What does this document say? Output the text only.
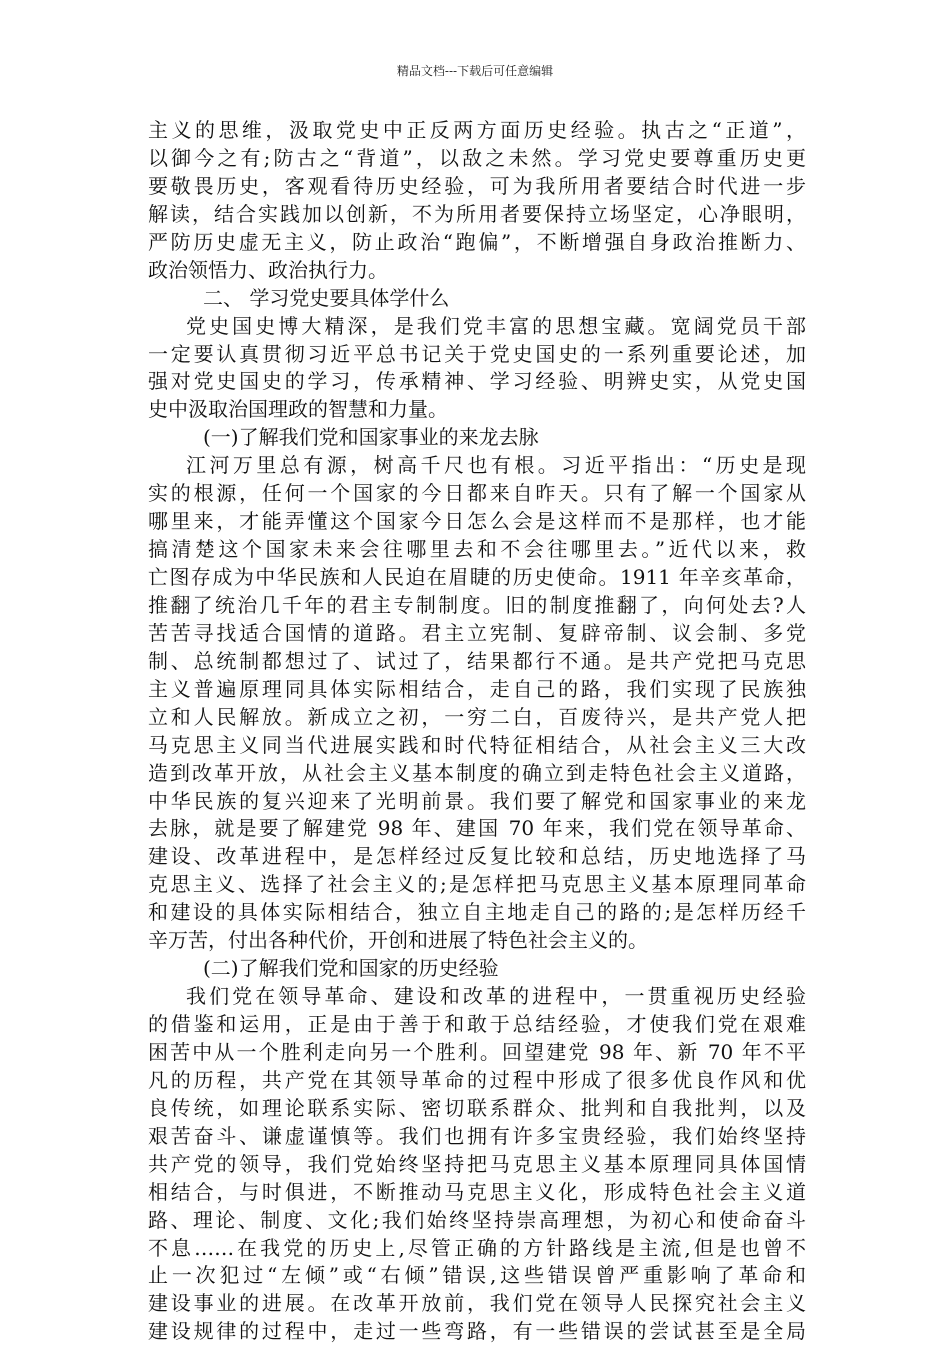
精品文档---下载后可任意编辑
主义的思维，汲取党史中正反两方面历史经验。执古之“正道”，
以御今之有;防古之“背道”，以敌之未然。学习党史要尊重历史更
要敬畏历史，客观看待历史经验，可为我所用者要结合时代进一步
解读，结合实践加以创新，不为所用者要保持立场坚定，心净眼明，
严防历史虚无主义，防止政治“跑偏”，不断增强自身政治推断力、
政治领悟力、政治执行力。
二、 学习党史要具体学什么
党史国史博大精深，是我们党丰富的思想宝藏。宽阔党员干部
一定要认真贯彻习近平总书记关于党史国史的一系列重要论述，加
强对党史国史的学习，传承精神、学习经验、明辨史实，从党史国
史中汲取治国理政的智慧和力量。
(一)了解我们党和国家事业的来龙去脉
江河万里总有源，树高千尺也有根。习近平指出：“历史是现
实的根源，任何一个国家的今日都来自昨天。只有了解一个国家从
哪里来，才能弄懂这个国家今日怎么会是这样而不是那样，也才能
搞清楚这个国家未来会往哪里去和不会往哪里去。”近代以来，救
亡图存成为中华民族和人民迫在眉睫的历史使命。1911 年辛亥革命，
推翻了统治几千年的君主专制制度。旧的制度推翻了，向何处去?人
苦苦寻找适合国情的道路。君主立宪制、复辟帝制、议会制、多党
制、总统制都想过了、试过了，结果都行不通。是共产党把马克思
主义普遍原理同具体实际相结合，走自己的路，我们实现了民族独
立和人民解放。新成立之初，一穷二白，百废待兴，是共产党人把
马克思主义同当代进展实践和时代特征相结合，从社会主义三大改
造到改革开放，从社会主义基本制度的确立到走特色社会主义道路，
中华民族的复兴迎来了光明前景。我们要了解党和国家事业的来龙
去脉，就是要了解建党 98 年、建国 70 年来，我们党在领导革命、
建设、改革进程中，是怎样经过反复比较和总结，历史地选择了马
克思主义、选择了社会主义的;是怎样把马克思主义基本原理同革命
和建设的具体实际相结合，独立自主地走自己的路的;是怎样历经千
辛万苦，付出各种代价，开创和进展了特色社会主义的。
(二)了解我们党和国家的历史经验
我们党在领导革命、建设和改革的进程中，一贯重视历史经验
的借鉴和运用，正是由于善于和敢于总结经验，才使我们党在艰难
困苦中从一个胜利走向另一个胜利。回望建党 98 年、新 70 年不平
凡的历程，共产党在其领导革命的过程中形成了很多优良作风和优
良传统，如理论联系实际、密切联系群众、批判和自我批判，以及
艰苦奋斗、谦虚谨慎等。我们也拥有许多宝贵经验，我们始终坚持
共产党的领导，我们党始终坚持把马克思主义基本原理同具体国情
相结合，与时俱进，不断推动马克思主义化，形成特色社会主义道
路、理论、制度、文化;我们始终坚持崇高理想，为初心和使命奋斗
不息……在我党的历史上,尽管正确的方针路线是主流,但是也曾不
止一次犯过“左倾”或“右倾”错误,这些错误曾严重影响了革命和
建设事业的进展。在改革开放前，我们党在领导人民探究社会主义
建设规律的过程中，走过一些弯路，有一些错误的尝试甚至是全局
